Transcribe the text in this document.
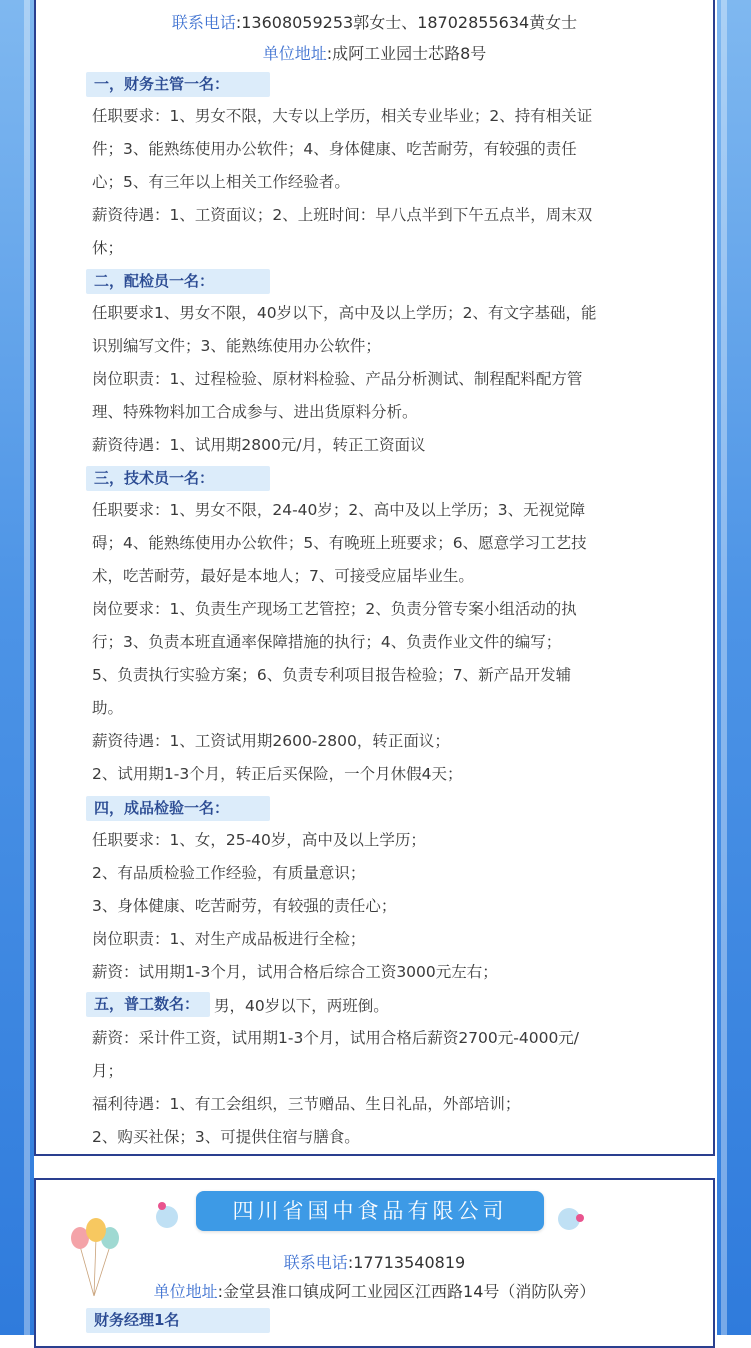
联系电话:13608059253郭女士、18702855634黄女士
单位地址:成阿工业园士芯路8号
一，财务主管一名：
任职要求：1、男女不限，大专以上学历，相关专业毕业；2、持有相关证
件；3、能熟练使用办公软件；4、身体健康、吃苦耐劳，有较强的责任
心；5、有三年以上相关工作经验者。
薪资待遇：1、工资面议；2、上班时间：早八点半到下午五点半，周末双
休；
二，配检员一名：
任职要求1、男女不限，40岁以下，高中及以上学历；2、有文字基础，能
识别编写文件；3、能熟练使用办公软件；
岗位职责：1、过程检验、原材料检验、产品分析测试、制程配料配方管
理、特殊物料加工合成参与、进出货原料分析。
薪资待遇：1、试用期2800元/月，转正工资面议
三，技术员一名：
任职要求：1、男女不限，24-40岁；2、高中及以上学历；3、无视觉障
碍；4、能熟练使用办公软件；5、有晚班上班要求；6、愿意学习工艺技
术，吃苦耐劳，最好是本地人；7、可接受应届毕业生。
岗位要求：1、负责生产现场工艺管控；2、负责分管专案小组活动的执
行；3、负责本班直通率保障措施的执行；4、负责作业文件的编写；
5、负责执行实验方案；6、负责专利项目报告检验；7、新产品开发辅
助。
薪资待遇：1、工资试用期2600-2800，转正面议；
2、试用期1-3个月，转正后买保险，一个月休假4天；
四，成品检验一名：
任职要求：1、女，25-40岁，高中及以上学历；
2、有品质检验工作经验，有质量意识；
3、身体健康、吃苦耐劳，有较强的责任心；
岗位职责：1、对生产成品板进行全检；
薪资：试用期1-3个月，试用合格后综合工资3000元左右；
五，普工数名： 男，40岁以下，两班倒。
薪资：采计件工资，试用期1-3个月，试用合格后薪资2700元-4000元/
月；
福利待遇：1、有工会组织，三节赠品、生日礼品，外部培训；
2、购买社保；3、可提供住宿与膳食。
四川省国中食品有限公司
联系电话:17713540819
单位地址:金堂县淮口镇成阿工业园区江西路14号（消防队旁）
财务经理1名
